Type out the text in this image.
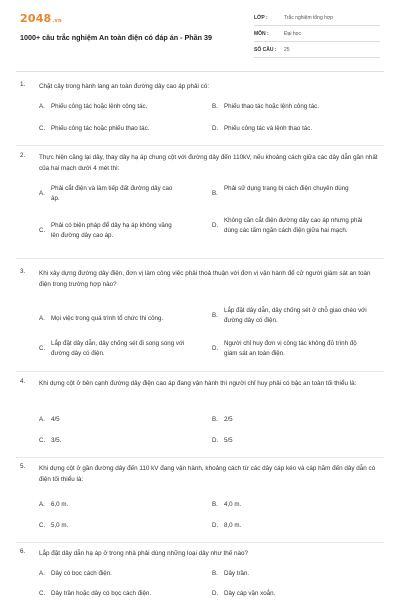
2048.vn
1000+ câu trắc nghiệm An toàn điện có đáp án - Phần 39
LỚP :	Trắc nghiệm tổng hợp
MÔN :	Đại học
SỐ CÂU : 25
1. Chặt cây trong hành lang an toàn đường dây cao áp phải có:
A. Phiếu công tác hoặc lệnh công tác.	B. Phiếu thao tác hoặc lệnh công tác.
C. Phiếu công tác hoặc phiếu thao tác.	D. Phiếu công tác và lệnh thao tác.
2. Thực hiện căng lại dây, thay dây hạ áp chung cột với đường dây đến 110kV, nếu khoảng cách giữa các dây dẫn gần nhất của hai mạch dưới 4 mét thì:
A.
Phải cắt điện và làm tiếp đất đường dây cao áp.
B.
Phải sử dụng trang bị cách điện chuyên dùng
C.
Phải có biện pháp để dây hạ áp không văng lên đường dây cao áp.
D.
Không cần cắt điện đường dây cao áp nhưng phải dùng các tấm ngăn cách điện giữa hai mạch.
3. Khi xây dựng đường dây điện, đơn vị làm công việc phải thoả thuận với đơn vị vận hành để cử người giám sát an toàn điện trong trường hợp nào?
A. Mọi việc trong quá trình tổ chức thi công.	B.
Lắp đặt dây dẫn, dây chống sét ở chỗ giao chéo với đường dây có điện.
C.
Lắp đặt dây dẫn, dây chống sét đi song song với đường dây có điện.
D.
Người chỉ huy đơn vị công tác không đủ trình độ giám sát an toàn điện.
4. Khi dựng cột ở bên cạnh đường dây điện cao áp đang vận hành thì người chỉ huy phải có bậc an toàn tối thiểu là:
A. 4/5	B. 2/5
C. 3/5.	D. 5/5
5. Khi dựng cột ở gần đường dây đến 110 kV đang vận hành, khoảng cách từ các dây cáp kéo và cáp hãm đến dây dẫn có điện tối thiểu là:
A. 6,0 m.	B. 4,0 m.
C. 5,0 m.	D. 8,0 m.
6. Lắp đặt dây dẫn hạ áp ở trong nhà phải dùng những loại dây như thế nào?
A. Dây có bọc cách điện.	B. Dây trần.
C. Dây trần hoặc dây có bọc cách điện.	D. Dây cáp vặn xoắn.
